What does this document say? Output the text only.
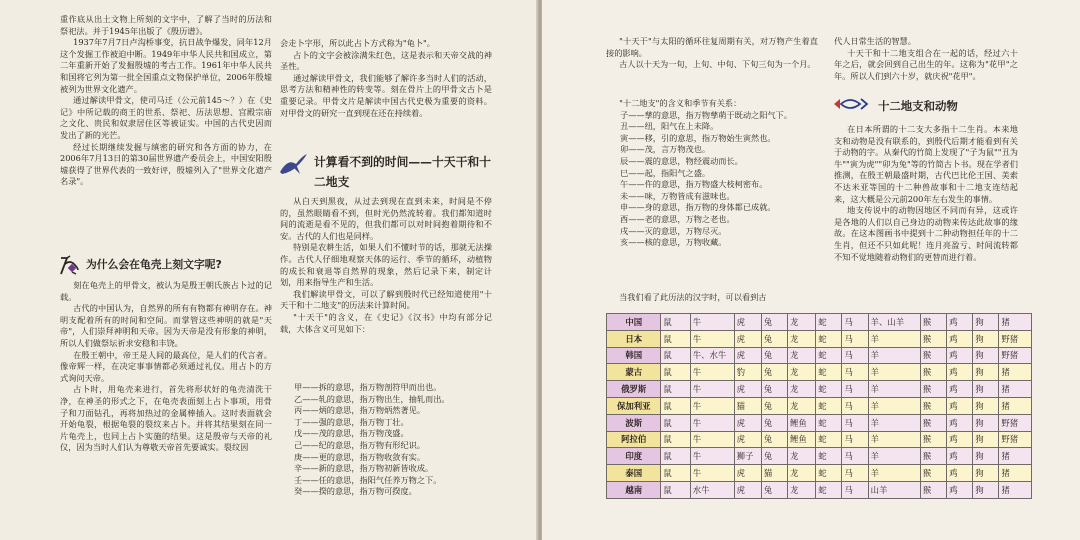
重作底从出土文物上所刻的文字中，了解了当时的历法和祭祀法。并于1945年出版了《殷历谱》。

1937年7月7日卢沟桥事变，抗日战争爆发，同年12月这个发掘工作被迫中断。1949年中华人民共和国成立，第二年重新开始了发掘殷墟的考古工作。1961年中华人民共和国将它列为第一批全国重点文物保护单位，2006年殷墟被列为世界文化遗产。

通过解读甲骨文，使司马迁（公元前145～？）在《史记》中所记载的商王的世系、祭祀、历法思想、宫殿宗庙之文化、贵民和奴隶居住区等被证实。中国的古代史因而发出了新的光芒。

经过长期继续发掘与缜密的研究和各方面的协力，在2006年7月13日的第30届世界遗产委员会上，中国安阳殷墟获得了世界代表的一致好评，殷墟列入了"世界文化遗产名录"。

为什么会在龟壳上刻文字呢?

刻在龟壳上的甲骨文，被认为是殷王朝氏族占卜过的记载。

古代的中国认为，自然界的所有有物都有神明存在。神明支配着所有的时间和空间。而掌管这些神明的就是"天帝"，人们崇拜神明和天帝。因为天帝是没有形象的神明，所以人们做祭坛祈求安稳和丰饶。

在殷王朝中，帝王是人间的最高位，是人们的代言者。像帝辉一样，在决定事事情都必须通过礼仪。用占卜的方式询问天帝。

占卜时，用龟壳来进行，首先将形状好的龟壳清洗干净，在神圣的形式之下，在龟壳表面刻上占卜事项，用骨子和刀面钻孔，再将加热过的金属棒插入。这时表面就会开始龟裂，根据龟裂的裂纹来占卜。并将其结果刻在同一片龟壳上，也同上占卜实施的结果。这是殷帝与天帝的礼仪，因为当时人们认为尊敬天帝首先要诚实。裂纹因

会走卜字形，所以此占卜方式称为"龟卜"。

占卜的文字会被涂满朱红色，这是表示和天帝交战的神圣性。

通过解读甲骨文，我们能够了解许多当时人们的活动，思考方法和精神性的转变等。刻在骨片上的甲骨文古卜是重要记录。甲骨文片是解读中国古代史极为重要的资料。对甲骨文的研究一直到现在还在持续着。

计算看不到的时间——十天干和十二地支

从白天到黑夜，从过去到现在直到未来，时间是不停的，虽然眼睛看不到，但时光仍然流转着。我们都知道时间的流逝是看不见的，但我们都可以对时间抱着期待和不安。古代的人们也是同样。

特别是农耕生活，如果人们不懂时节的话，那就无法操作。古代人仔细地观察天体的运行、季节的循环，动植物的成长和衰退等自然界的现象，然后记录下来，制定计划，用来指导生产和生活。

我们解读甲骨文，可以了解到殷时代已经知道使用"十天干和十二地支"的历法来计算时间。

"十天干"的含义，在《史记》《汉书》中均有部分记载，大体含义可见如下：

甲——拆的意思，指万物剖符甲而出也。

乙——轧的意思，指万物出生，抽轧而出。

丙——炳的意思，指万物炳然著见。

丁——强的意思，指万物丁壮。

戊——茂的意思，指万物茂盛。

己——纪的意思，指万物有形纪识。

庚——更的意思，指万物收敛有实。

辛——新的意思，指万物初新皆收成。

壬——任的意思，指阳气任养万物之下。

癸——揆的意思，指万物可揆度。

"十天干"与太阳的循环往复周期有关，对万物产生着直接的影响。

古人以十天为一旬，上旬、中旬、下旬三旬为一个月。

"十二地支"的含义和季节有关系：

子——孳的意思，指万物孳萌于既动之阳气下。

丑——纽，阳气在上未降。

寅——移，引的意思，指万物始生寅然也。

卯——茂，言万物茂也。

辰——震的意思，物经震动而长。

巳——起，指阳气之盛。

午——仵的意思，指万物盛大枝柯密布。

未——味，万物皆成有滋味也。

申——身的意思，指万物的身体都已成就。

酉——老的意思，万物之老也。

戌——灭的意思，万物尽灭。

亥——核的意思，万物收藏。

当我们看了此历法的汉字时，可以看到古

代人日常生活的智慧。

十天干和十二地支组合在一起的话，经过六十年之后，就会回到自己出生的年。这称为"花甲"之年。所以人们到六十岁，就庆祝"花甲"。

十二地支和动物

在日本所谓的十二支大多指十二生肖。本来地支和动物是没有联系的，到殷代后期才能看到有关于动物的字。从秦代的竹简上发现了"子为鼠""丑为牛""寅为虎""卯为兔"等的竹简古卜书。现在学者们推测，在殷王朝最盛时期，古代巴比伦王国、美索不达米亚等国的十二种兽故事和十二地支连结起来，这大概是公元前200年左右发生的事情。

地支传说中的动物因地区不同而有异，这或许是各地的人们以自己身边的动物来传达此故事的缘故。在这本图画书中提到十二种动物担任年的十二生肖，但还不只如此呢！连月亮盈亏、时间流转都不知不觉地随着动物们的更替而进行着。

中国	鼠	牛	虎	兔	龙	蛇	马	羊、山羊	猴	鸡	狗	猪
日本	鼠	牛	虎	兔	龙	蛇	马	羊	猴	鸡	狗	野猪
韩国	鼠	牛、水牛	虎	兔	龙	蛇	马	羊	猴	鸡	狗	野猪
蒙古	鼠	牛	豹	兔	龙	蛇	马	羊	猴	鸡	狗	猪
俄罗斯	鼠	牛	虎	兔	龙	蛇	马	羊	猴	鸡	狗	猪
保加利亚	鼠	牛	猫	兔	龙	蛇	马	羊	猴	鸡	狗	猪
波斯	鼠	牛	虎	兔	鲤鱼	蛇	马	羊	猴	鸡	狗	野猪
阿拉伯	鼠	牛	虎	兔	鲤鱼	蛇	马	羊	猴	鸡	狗	野猪
印度	鼠	牛	狮子	兔	龙	蛇	马	羊	猴	鸡	狗	猪
泰国	鼠	牛	虎	猫	龙	蛇	马	羊	猴	鸡	狗	猪
越南	鼠	水牛	虎	兔	龙	蛇	马	山羊	猴	鸡	狗	猪
